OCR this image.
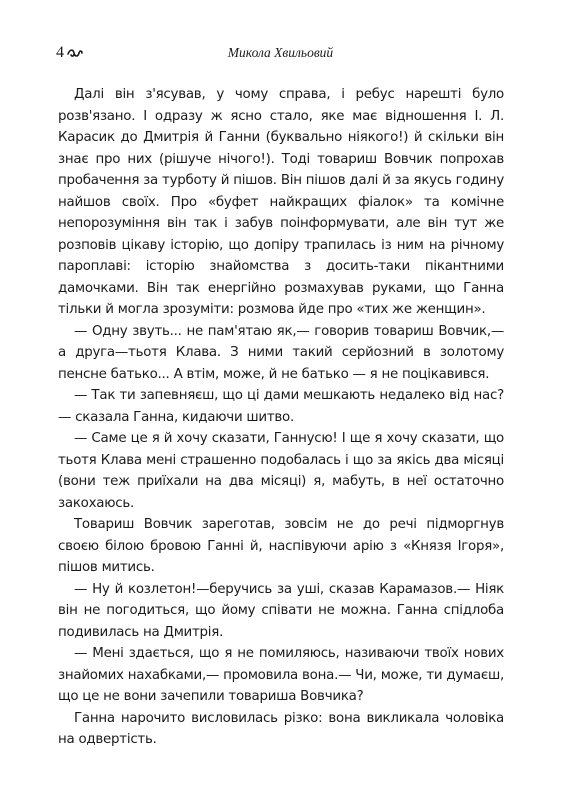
4	Микола Хвильовий

Далі він з'ясував, у чому справа, і ребус нарешті було розв'язано. І одразу ж ясно стало, яке має відношення І. Л. Карасик до Дмитрія й Ганни (буквально ніякого!) й скільки він знає про них (рішуче нічого!). Тоді товариш Вовчик попрохав пробачення за турботу й пішов. Він пішов далі й за якусь годину найшов своїх. Про «буфет найкращих фіалок» та комічне непорозуміння він так і забув поінформувати, але він тут же розповів цікаву історію, що допіру трапилась із ним на річному пароплаві: історію знайомства з досить-таки пікантними дамочками. Він так енергійно розмахував руками, що Ганна тільки й могла зрозуміти: розмова йде про «тих же женщин».

— Одну звуть... не пам'ятаю як,— говорив товариш Вовчик,— а друга—тьотя Клава. З ними такий серйозний в золотому пенсне батько... А втім, може, й не батько — я не поцікавився.

— Так ти запевняєш, що ці дами мешкають недалеко від нас? — сказала Ганна, кидаючи шитво.

— Саме це я й хочу сказати, Ганнусю! І ще я хочу сказати, що тьотя Клава мені страшенно подобалась і що за якісь два місяці (вони теж приїхали на два місяці) я, мабуть, в неї остаточно закохаюсь.

Товариш Вовчик зареготав, зовсім не до речі підморгнув своєю білою бровою Ганні й, наспівуючи арію з «Князя Ігоря», пішов митись.

— Ну й козлетон!—беручись за уші, сказав Карамазов.— Ніяк він не погодиться, що йому співати не можна. Ганна спідлоба подивилась на Дмитрія.

— Мені здається, що я не помиляюсь, називаючи твоїх нових знайомих нахабками,— промовила вона.— Чи, може, ти думаєш, що це не вони зачепили товариша Вовчика?

Ганна нарочито висловилась різко: вона викликала чоловіка на одвертість.
